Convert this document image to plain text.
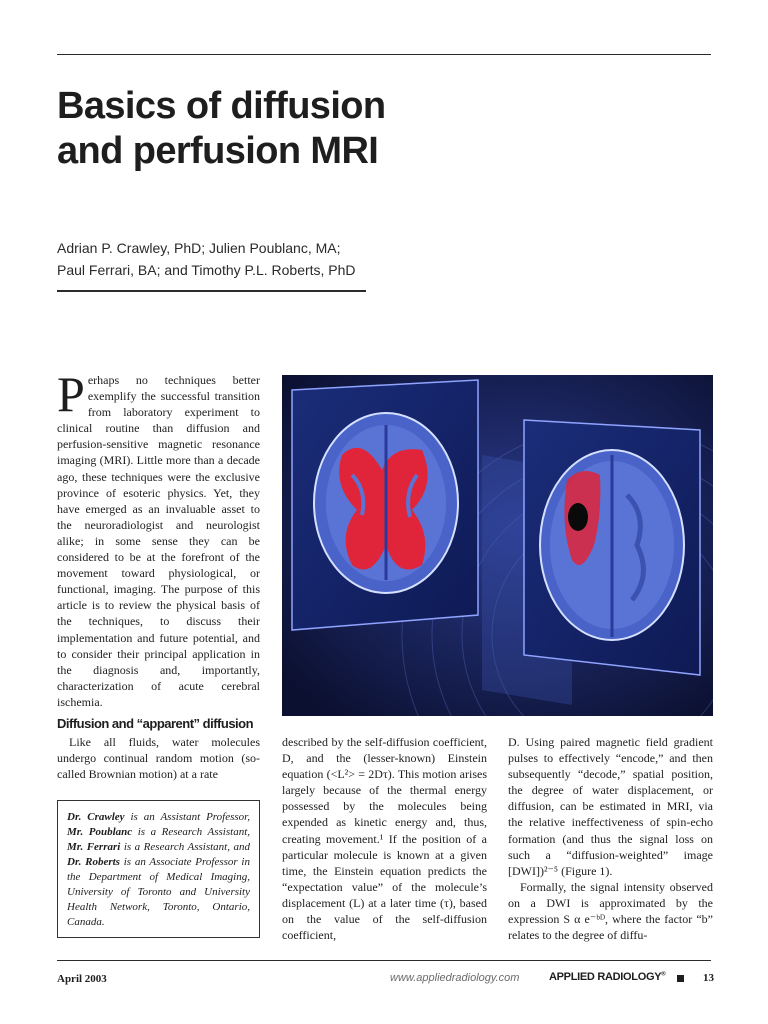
Basics of diffusion
and perfusion MRI
Adrian P. Crawley, PhD; Julien Poublanc, MA;
Paul Ferrari, BA; and Timothy P.L. Roberts, PhD

Perhaps no techniques better exemplify the successful transition from laboratory experiment to clinical routine than diffusion and perfusion-sensitive magnetic resonance imaging (MRI). Little more than a decade ago, these techniques were the exclusive province of esoteric physics. Yet, they have emerged as an invaluable asset to the neuroradiologist and neurologist alike; in some sense they can be considered to be at the forefront of the movement toward physiological, or functional, imaging. The purpose of this article is to review the physical basis of the techniques, to discuss their implementation and future potential, and to consider their principal application in the diagnosis and, importantly, characterization of acute cerebral ischemia.

Diffusion and “apparent” diffusion

Like all fluids, water molecules undergo continual random motion (so-called Brownian motion) at a rate

Dr. Crawley is an Assistant Professor, Mr. Poublanc is a Research Assistant, Mr. Ferrari is a Research Assistant, and Dr. Roberts is an Associate Professor in the Department of Medical Imaging, University of Toronto and University Health Network, Toronto, Ontario, Canada.

described by the self-diffusion coefficient, D, and the (lesser-known) Einstein equation (<L²> = 2Dτ). This motion arises largely because of the thermal energy possessed by the molecules being expended as kinetic energy and, thus, creating movement.¹ If the position of a particular molecule is known at a given time, the Einstein equation predicts the “expectation value” of the molecule’s displacement (L) at a later time (τ), based on the value of the self-diffusion coefficient,

D. Using paired magnetic field gradient pulses to effectively “encode,” and then subsequently “decode,” spatial position, the degree of water displacement, or diffusion, can be estimated in MRI, via the relative ineffectiveness of spin-echo formation (and thus the signal loss on such a “diffusion-weighted” image [DWI])²⁻⁵ (Figure 1).

Formally, the signal intensity observed on a DWI is approximated by the expression S α e⁻ᵇᴰ, where the factor “b” relates to the degree of diffu-

April 2003	www.appliedradiology.com	APPLIED RADIOLOGY®	13
